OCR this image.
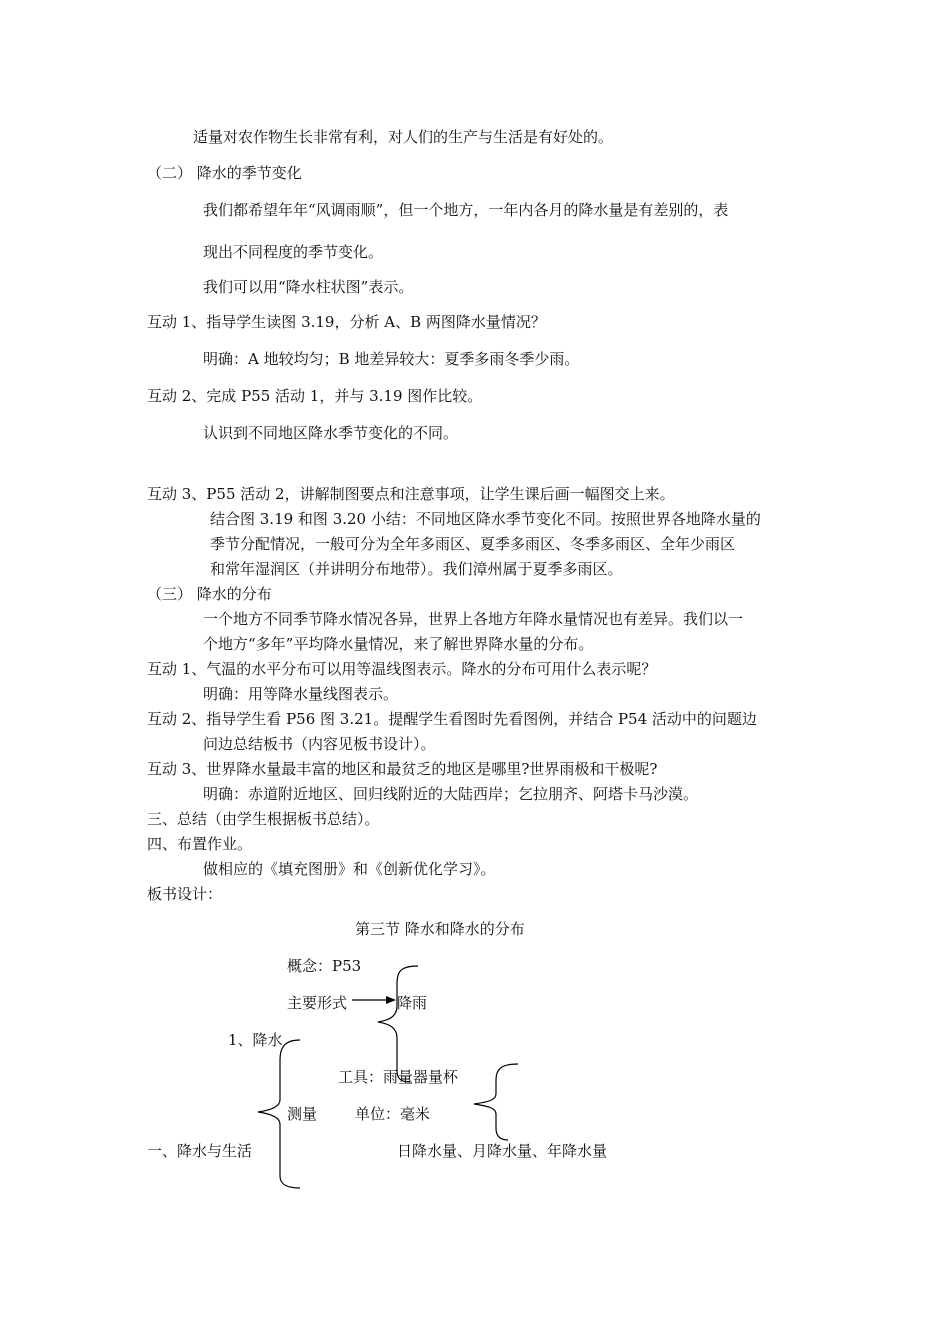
适量对农作物生长非常有利，对人们的生产与生活是有好处的。
（二） 降水的季节变化
我们都希望年年“风调雨顺”，但一个地方，一年内各月的降水量是有差别的，表
现出不同程度的季节变化。
我们可以用“降水柱状图”表示。
互动 1、指导学生读图 3.19，分析 A、B 两图降水量情况？
明确：A 地较均匀；B 地差异较大：夏季多雨冬季少雨。
互动 2、完成 P55 活动 1，并与 3.19 图作比较。
认识到不同地区降水季节变化的不同。
互动 3、P55 活动 2，讲解制图要点和注意事项，让学生课后画一幅图交上来。
结合图 3.19 和图 3.20 小结：不同地区降水季节变化不同。按照世界各地降水量的
季节分配情况，一般可分为全年多雨区、夏季多雨区、冬季多雨区、全年少雨区
和常年湿润区（并讲明分布地带）。我们漳州属于夏季多雨区。
（三） 降水的分布
一个地方不同季节降水情况各异，世界上各地方年降水量情况也有差异。我们以一
个地方“多年”平均降水量情况，来了解世界降水量的分布。
互动 1、气温的水平分布可以用等温线图表示。降水的分布可用什么表示呢？
明确：用等降水量线图表示。
互动 2、指导学生看 P56 图 3.21。提醒学生看图时先看图例，并结合 P54 活动中的问题边
问边总结板书（内容见板书设计）。
互动 3、世界降水量最丰富的地区和最贫乏的地区是哪里?世界雨极和干极呢?
明确：赤道附近地区、回归线附近的大陆西岸；乞拉朋齐、阿塔卡马沙漠。
三、总结（由学生根据板书总结）。
四、布置作业。
做相应的《填充图册》和《创新优化学习》。
板书设计：
第三节 降水和降水的分布
概念：P53
主要形式	降雨
1、降水
工具：雨量器量杯
测量	单位：毫米
一、降水与生活	日降水量、月降水量、年降水量
